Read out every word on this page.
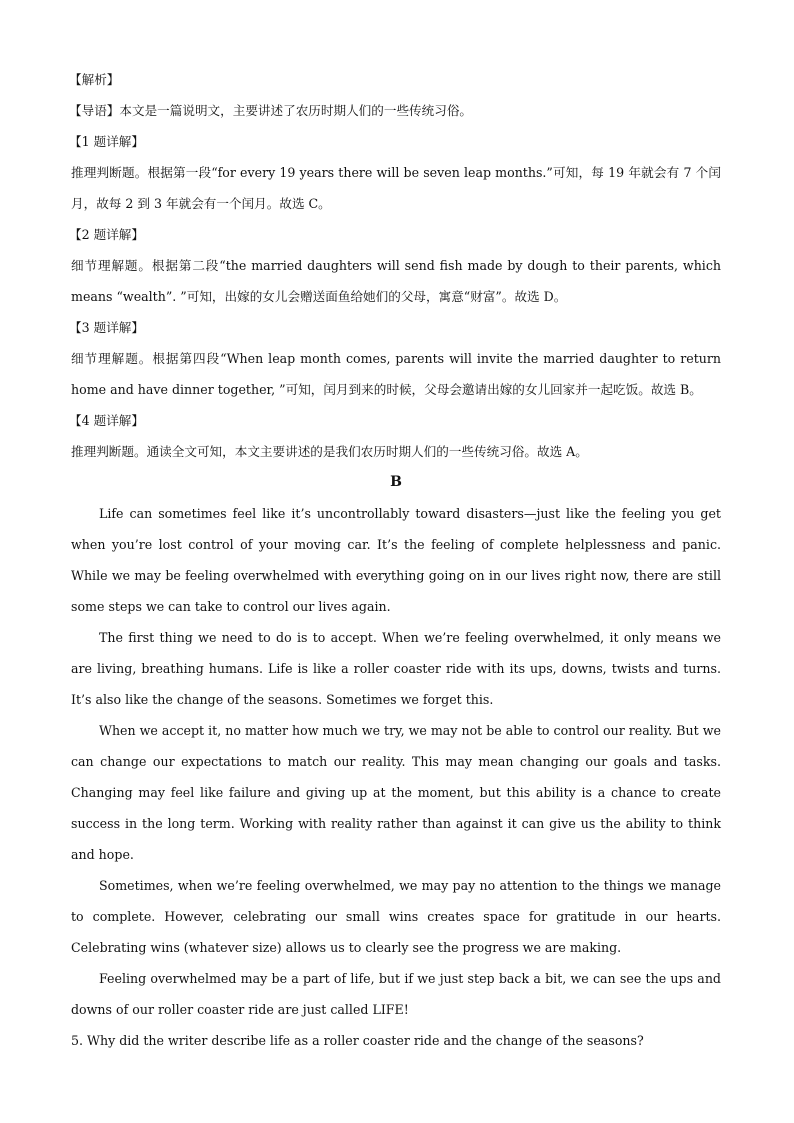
【解析】

【导语】本文是一篇说明文，主要讲述了农历时期人们的一些传统习俗。

【1 题详解】

推理判断题。根据第一段“for every 19 years there will be seven leap months.”可知，每 19 年就会有 7 个闰月，故每 2 到 3 年就会有一个闰月。故选 C。

【2 题详解】

细节理解题。根据第二段“the married daughters will send fish made by dough to their parents, which means “wealth”. ”可知，出嫁的女儿会赠送面鱼给她们的父母，寓意“财富”。故选 D。

【3 题详解】

细节理解题。根据第四段“When leap month comes, parents will invite the married daughter to return home and have dinner together, ”可知，闰月到来的时候，父母会邀请出嫁的女儿回家并一起吃饭。故选 B。

【4 题详解】

推理判断题。通读全文可知，本文主要讲述的是我们农历时期人们的一些传统习俗。故选 A。

B

Life can sometimes feel like it’s uncontrollably toward disasters—just like the feeling you get when you’re lost control of your moving car. It’s the feeling of complete helplessness and panic. While we may be feeling overwhelmed with everything going on in our lives right now, there are still some steps we can take to control our lives again.

The first thing we need to do is to accept. When we’re feeling overwhelmed, it only means we are living, breathing humans. Life is like a roller coaster ride with its ups, downs, twists and turns. It’s also like the change of the seasons. Sometimes we forget this.

When we accept it, no matter how much we try, we may not be able to control our reality. But we can change our expectations to match our reality. This may mean changing our goals and tasks. Changing may feel like failure and giving up at the moment, but this ability is a chance to create success in the long term. Working with reality rather than against it can give us the ability to think and hope.

Sometimes, when we’re feeling overwhelmed, we may pay no attention to the things we manage to complete. However, celebrating our small wins creates space for gratitude in our hearts. Celebrating wins (whatever size) allows us to clearly see the progress we are making.

Feeling overwhelmed may be a part of life, but if we just step back a bit, we can see the ups and downs of our roller coaster ride are just called LIFE!

5. Why did the writer describe life as a roller coaster ride and the change of the seasons?
